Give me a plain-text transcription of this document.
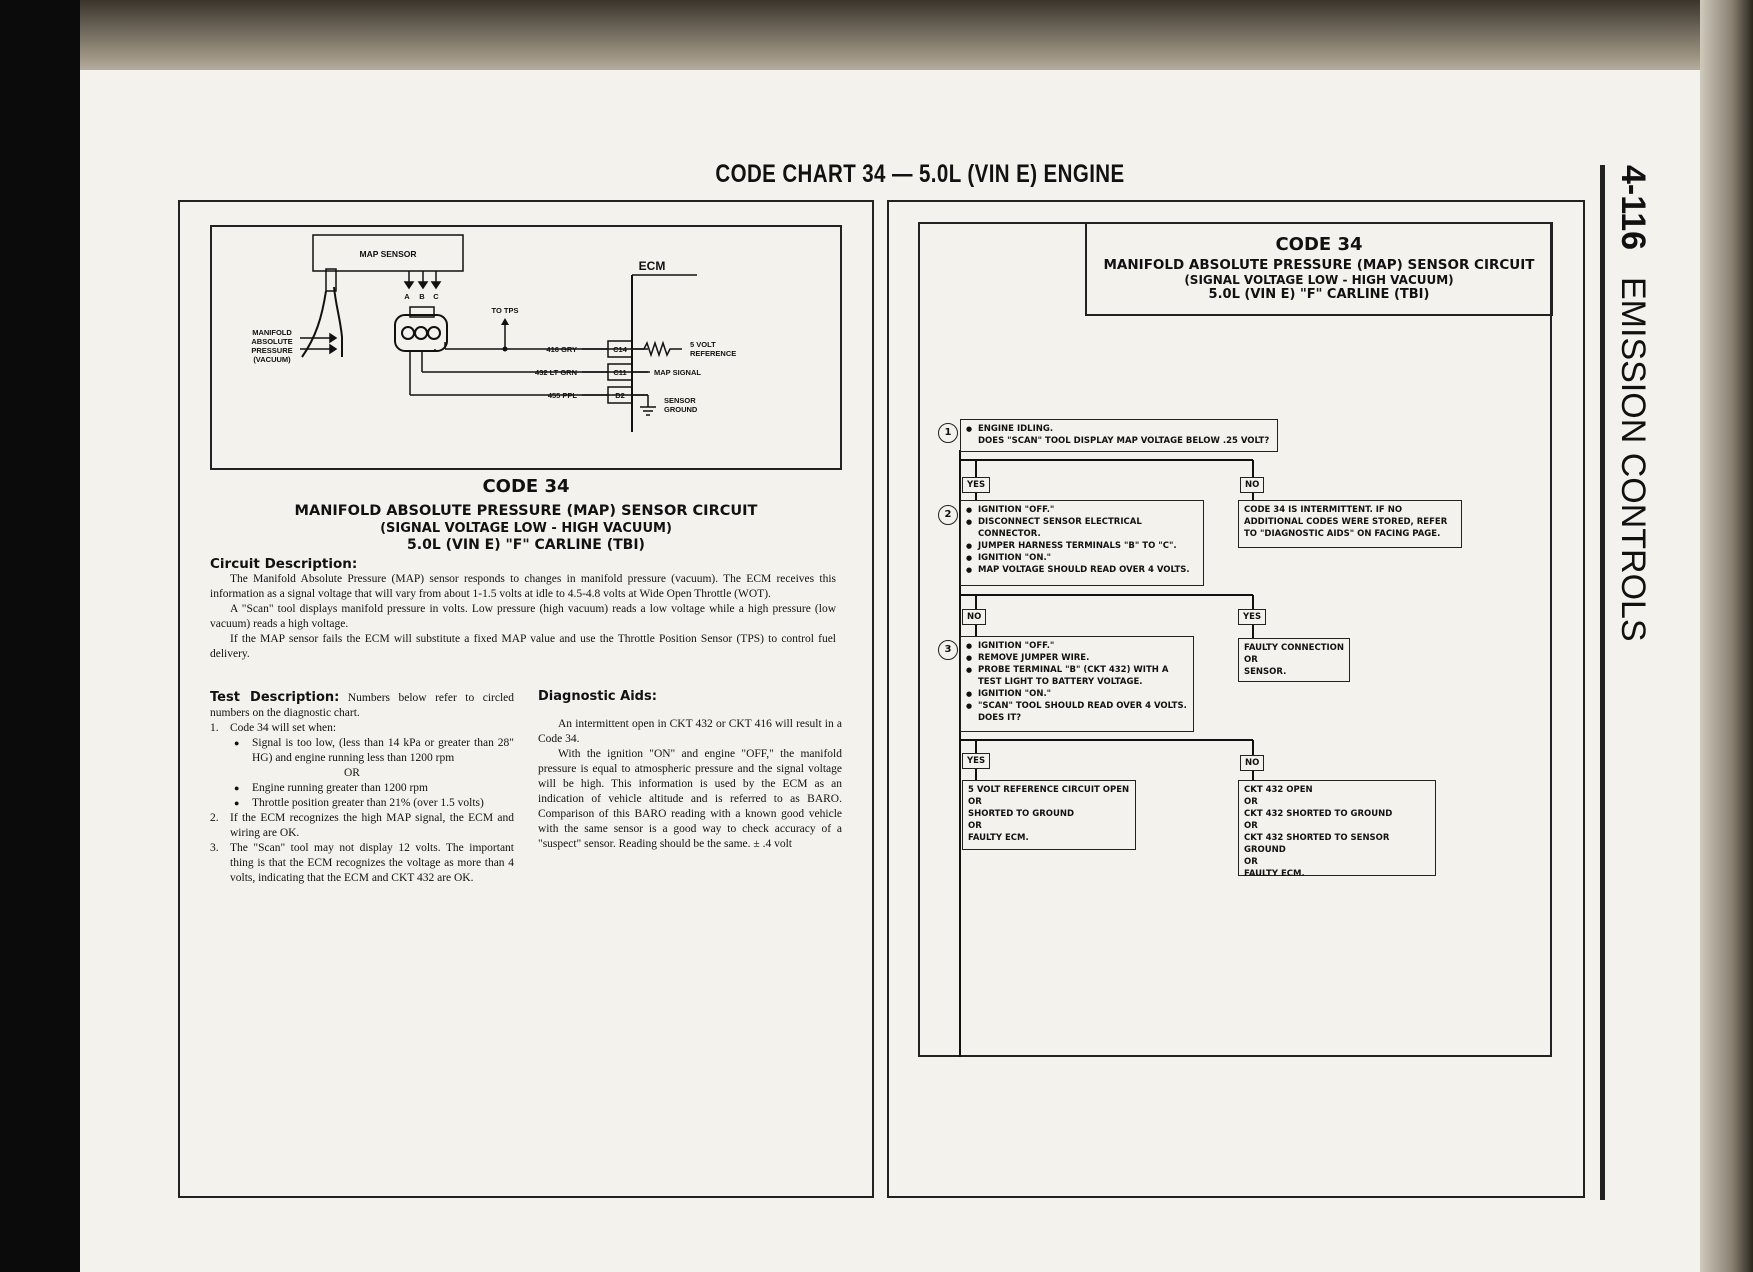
CODE CHART 34 — 5.0L (VIN E) ENGINE	4-116  EMISSION CONTROLS
MAP SENSOR
A B C
TO TPS
MANIFOLD
ABSOLUTE
PRESSURE
(VACUUM)
ECM
C14
C11
D2
416 GRY
432 LT GRN
455 PPL
5 VOLT
REFERENCE
MAP SIGNAL
SENSOR
GROUND
CODE 34
MANIFOLD ABSOLUTE PRESSURE (MAP) SENSOR CIRCUIT
(SIGNAL VOLTAGE LOW - HIGH VACUUM)
5.0L (VIN E) "F" CARLINE (TBI)
Circuit Description:

The Manifold Absolute Pressure (MAP) sensor responds to changes in manifold pressure (vacuum). The ECM receives this information as a signal voltage that will vary from about 1-1.5 volts at idle to 4.5-4.8 volts at Wide Open Throttle (WOT).

A "Scan" tool displays manifold pressure in volts. Low pressure (high vacuum) reads a low voltage while a high pressure (low vacuum) reads a high voltage.

If the MAP sensor fails the ECM will substitute a fixed MAP value and use the Throttle Position Sensor (TPS) to control fuel delivery.

Test Description: Numbers below refer to circled numbers on the diagnostic chart.

1. Code 34 will set when:
● Signal is too low, (less than 14 kPa or greater than 28" HG) and engine running less than 1200 rpm
OR
● Engine running greater than 1200 rpm
● Throttle position greater than 21% (over 1.5 volts)
2. If the ECM recognizes the high MAP signal, the ECM and wiring are OK.
3. The "Scan" tool may not display 12 volts. The important thing is that the ECM recognizes the voltage as more than 4 volts, indicating that the ECM and CKT 432 are OK.
Diagnostic Aids:

An intermittent open in CKT 432 or CKT 416 will result in a Code 34.

With the ignition "ON" and engine "OFF," the manifold pressure is equal to atmospheric pressure and the signal voltage will be high. This information is used by the ECM as an indication of vehicle altitude and is referred to as BARO. Comparison of this BARO reading with a known good vehicle with the same sensor is a good way to check accuracy of a "suspect" sensor. Reading should be the same. ± .4 volt

CODE 34
MANIFOLD ABSOLUTE PRESSURE (MAP) SENSOR CIRCUIT
(SIGNAL VOLTAGE LOW - HIGH VACUUM)
5.0L (VIN E) "F" CARLINE (TBI)
1	● ENGINE IDLING.
DOES "SCAN" TOOL DISPLAY MAP VOLTAGE BELOW .25 VOLT?
YES	NO
2	● IGNITION "OFF."
● DISCONNECT SENSOR ELECTRICAL CONNECTOR.
● JUMPER HARNESS TERMINALS "B" TO "C".
● IGNITION "ON."
● MAP VOLTAGE SHOULD READ OVER 4 VOLTS.
CODE 34 IS INTERMITTENT. IF NO ADDITIONAL CODES WERE STORED, REFER TO "DIAGNOSTIC AIDS" ON FACING PAGE.
NO	YES
3	● IGNITION "OFF."
● REMOVE JUMPER WIRE.
● PROBE TERMINAL "B" (CKT 432) WITH A TEST LIGHT TO BATTERY VOLTAGE.
● IGNITION "ON."
● "SCAN" TOOL SHOULD READ OVER 4 VOLTS. DOES IT?
FAULTY CONNECTION
OR
SENSOR.
YES	NO
5 VOLT REFERENCE CIRCUIT OPEN
OR
SHORTED TO GROUND
OR
FAULTY ECM.
CKT 432 OPEN
OR
CKT 432 SHORTED TO GROUND
OR
CKT 432 SHORTED TO SENSOR GROUND
OR
FAULTY ECM.
